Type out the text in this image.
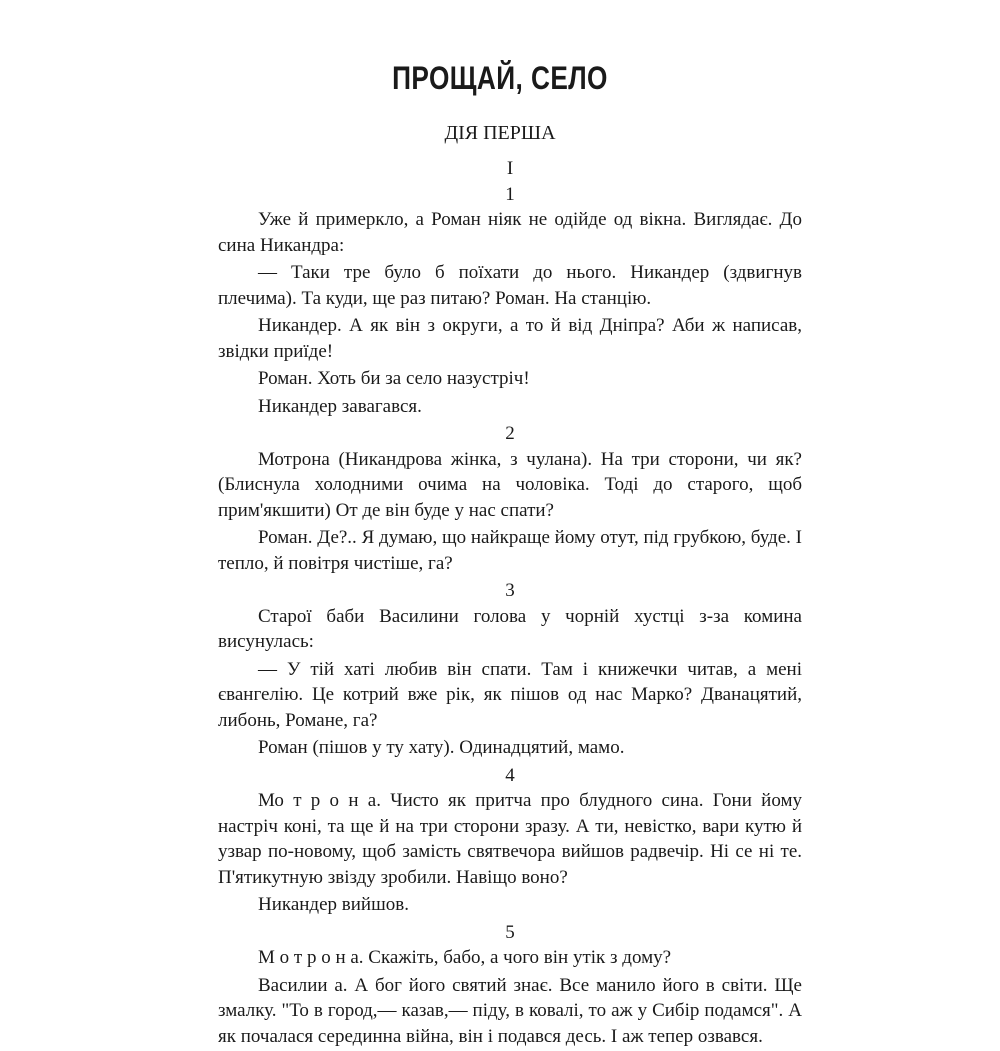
ПРОЩАЙ, СЕЛО
ДІЯ ПЕРША

І

1

Уже й примеркло, а Роман ніяк не одійде од вікна. Виглядає. До сина Никандра:

— Таки тре було б поїхати до нього. Никандер (здвигнув плечима). Та куди, ще раз питаю? Роман. На станцію.

Никандер. А як він з округи, а то й від Дніпра? Аби ж написав, звідки приїде!

Роман. Хоть би за село назустріч!

Никандер завагався.

2

Мотрона (Никандрова жінка, з чулана). На три сторони, чи як? (Блиснула холодними очима на чоловіка. Тоді до старого, щоб прим'якшити) От де він буде у нас спати?

Роман. Де?.. Я думаю, що найкраще йому отут, під грубкою, буде. І тепло, й повітря чистіше, га?

3

Старої баби Василини голова у чорній хустці з-за комина висунулась:

— У тій хаті любив він спати. Там і книжечки читав, а мені євангелію. Це котрий вже рік, як пішов од нас Марко? Дванацятий, либонь, Романе, га?

Роман (пішов у ту хату). Одинадцятий, мамо.

4

Мо т р о н а. Чисто як притча про блудного сина. Гони йому настріч коні, та ще й на три сторони зразу. А ти, невістко, вари кутю й узвар по-новому, щоб замість святвечора вийшов радвечір. Ні се ні те. П'ятикутную звізду зробили. Навіщо воно?

Никандер вийшов.

5

М о т р о н а. Скажіть, бабо, а чого він утік з дому?

Василии а. А бог його святий знає. Все манило його в світи. Ще змалку. "То в город,— казав,— піду, в ковалі, то аж у Сибір подамся". А як почалася серединна війна, він і подався десь. І аж тепер озвався.
